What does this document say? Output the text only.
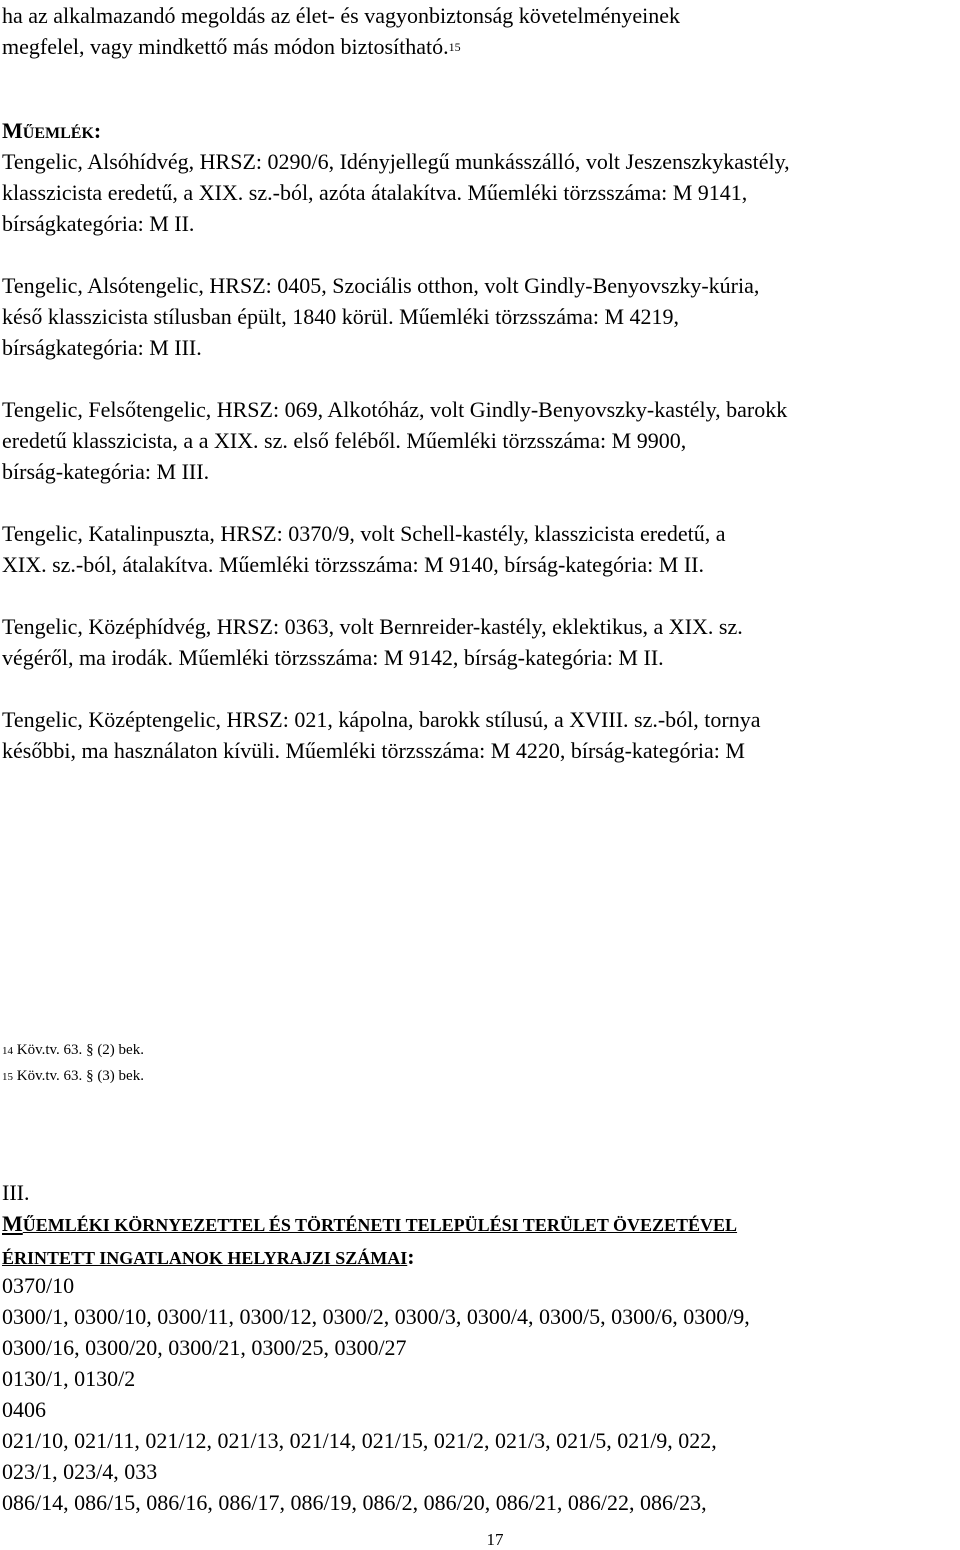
ha az alkalmazandó megoldás az élet- és vagyonbiztonság követelményeinek
megfelel, vagy mindkettő más módon biztosítható.$^{15}$
MŰEMLÉK:
Tengelic, Alsóhídvég, HRSZ: 0290/6, Idényjellegű munkásszálló, volt Jeszenszkykastély,
klasszicista eredetű, a XIX. sz.-ból, azóta átalakítva. Műemléki törzsszáma: M 9141,
bírságkategória: M II.
Tengelic, Alsótengelic, HRSZ: 0405, Szociális otthon, volt Gindly-Benyovszky-kúria,
késő klasszicista stílusban épült, 1840 körül. Műemléki törzsszáma: M 4219,
bírságkategória: M III.
Tengelic, Felsőtengelic, HRSZ: 069, Alkotóház, volt Gindly-Benyovszky-kastély, barokk
eredetű klasszicista, a a XIX. sz. első feléből. Műemléki törzsszáma: M 9900,
bírság-kategória: M III.
Tengelic, Katalinpuszta, HRSZ: 0370/9, volt Schell-kastély, klasszicista eredetű, a
XIX. sz.-ból, átalakítva. Műemléki törzsszáma: M 9140, bírság-kategória: M II.
Tengelic, Középhídvég, HRSZ: 0363, volt Bernreider-kastély, eklektikus, a XIX. sz.
végéről, ma irodák. Műemléki törzsszáma: M 9142, bírság-kategória: M II.
Tengelic, Középtengelic, HRSZ: 021, kápolna, barokk stílusú, a XVIII. sz.-ból, tornya
későbbi, ma használaton kívüli. Műemléki törzsszáma: M 4220, bírság-kategória: M
14 Köv.tv. 63. § (2) bek.
15 Köv.tv. 63. § (3) bek.
III.
MŰEMLÉKI KÖRNYEZETTEL ÉS TÖRTÉNETI TELEPÜLÉSI TERÜLET ÖVEZETÉVEL
ÉRINTETT INGATLANOK HELYRAJZI SZÁMAI:
0370/10
0300/1, 0300/10, 0300/11, 0300/12, 0300/2, 0300/3, 0300/4, 0300/5, 0300/6, 0300/9,
0300/16, 0300/20, 0300/21, 0300/25, 0300/27
0130/1, 0130/2
0406
021/10, 021/11, 021/12, 021/13, 021/14, 021/15, 021/2, 021/3, 021/5, 021/9, 022,
023/1, 023/4, 033
086/14, 086/15, 086/16, 086/17, 086/19, 086/2, 086/20, 086/21, 086/22, 086/23,
17
